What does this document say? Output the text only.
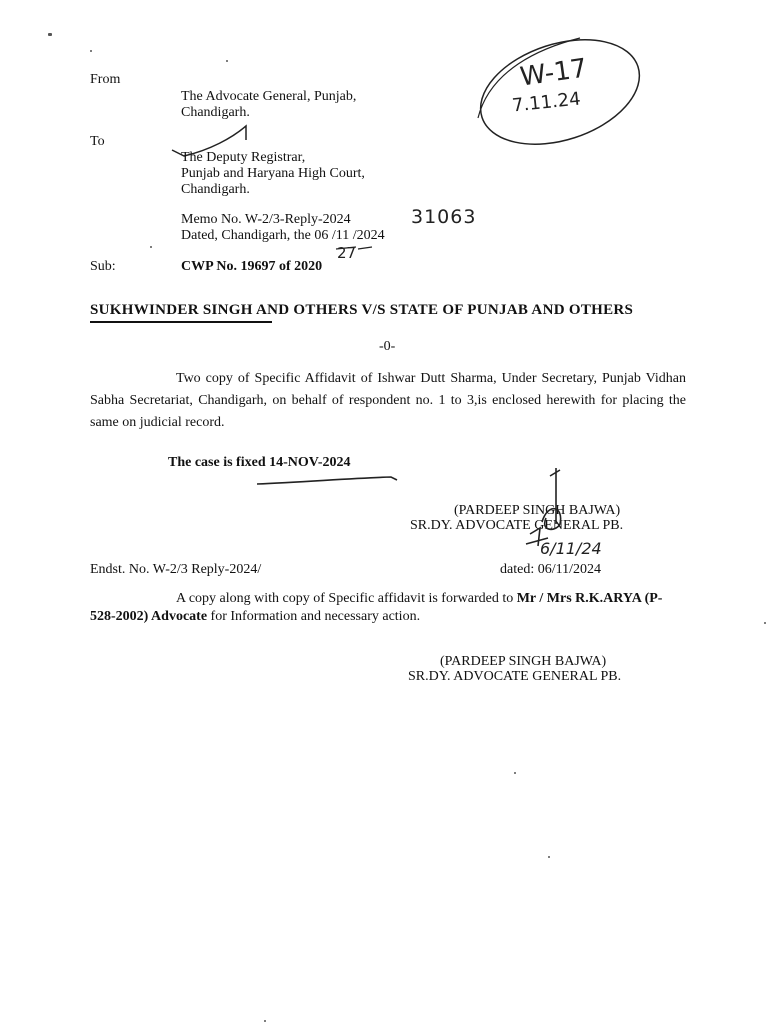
W-17
7.11.24
From
The Advocate General, Punjab,
Chandigarh.
To
The Deputy Registrar,
Punjab and Haryana High Court,
Chandigarh.
Memo No. W-2/3-Reply-2024	31063
Dated, Chandigarh, the 06 /11 /2024
Sub:	CWP No. 19697 of 2020
27

SUKHWINDER SINGH AND OTHERS V/S STATE OF PUNJAB AND OTHERS

-0-

Two copy of Specific Affidavit of Ishwar Dutt Sharma, Under Secretary, Punjab Vidhan Sabha Secretariat, Chandigarh, on behalf of respondent no. 1 to 3,is enclosed herewith for placing the same on judicial record.

The case is fixed 14-NOV-2024
(PARDEEP SINGH BAJWA)
SR.DY. ADVOCATE GENERAL PB.
6/11/24
Endst. No. W-2/3 Reply-2024/	dated: 06/11/2024

A copy along with copy of Specific affidavit is forwarded to Mr / Mrs R.K.ARYA (P-528-2002) Advocate for Information and necessary action.

(PARDEEP SINGH BAJWA)
SR.DY. ADVOCATE GENERAL PB.
